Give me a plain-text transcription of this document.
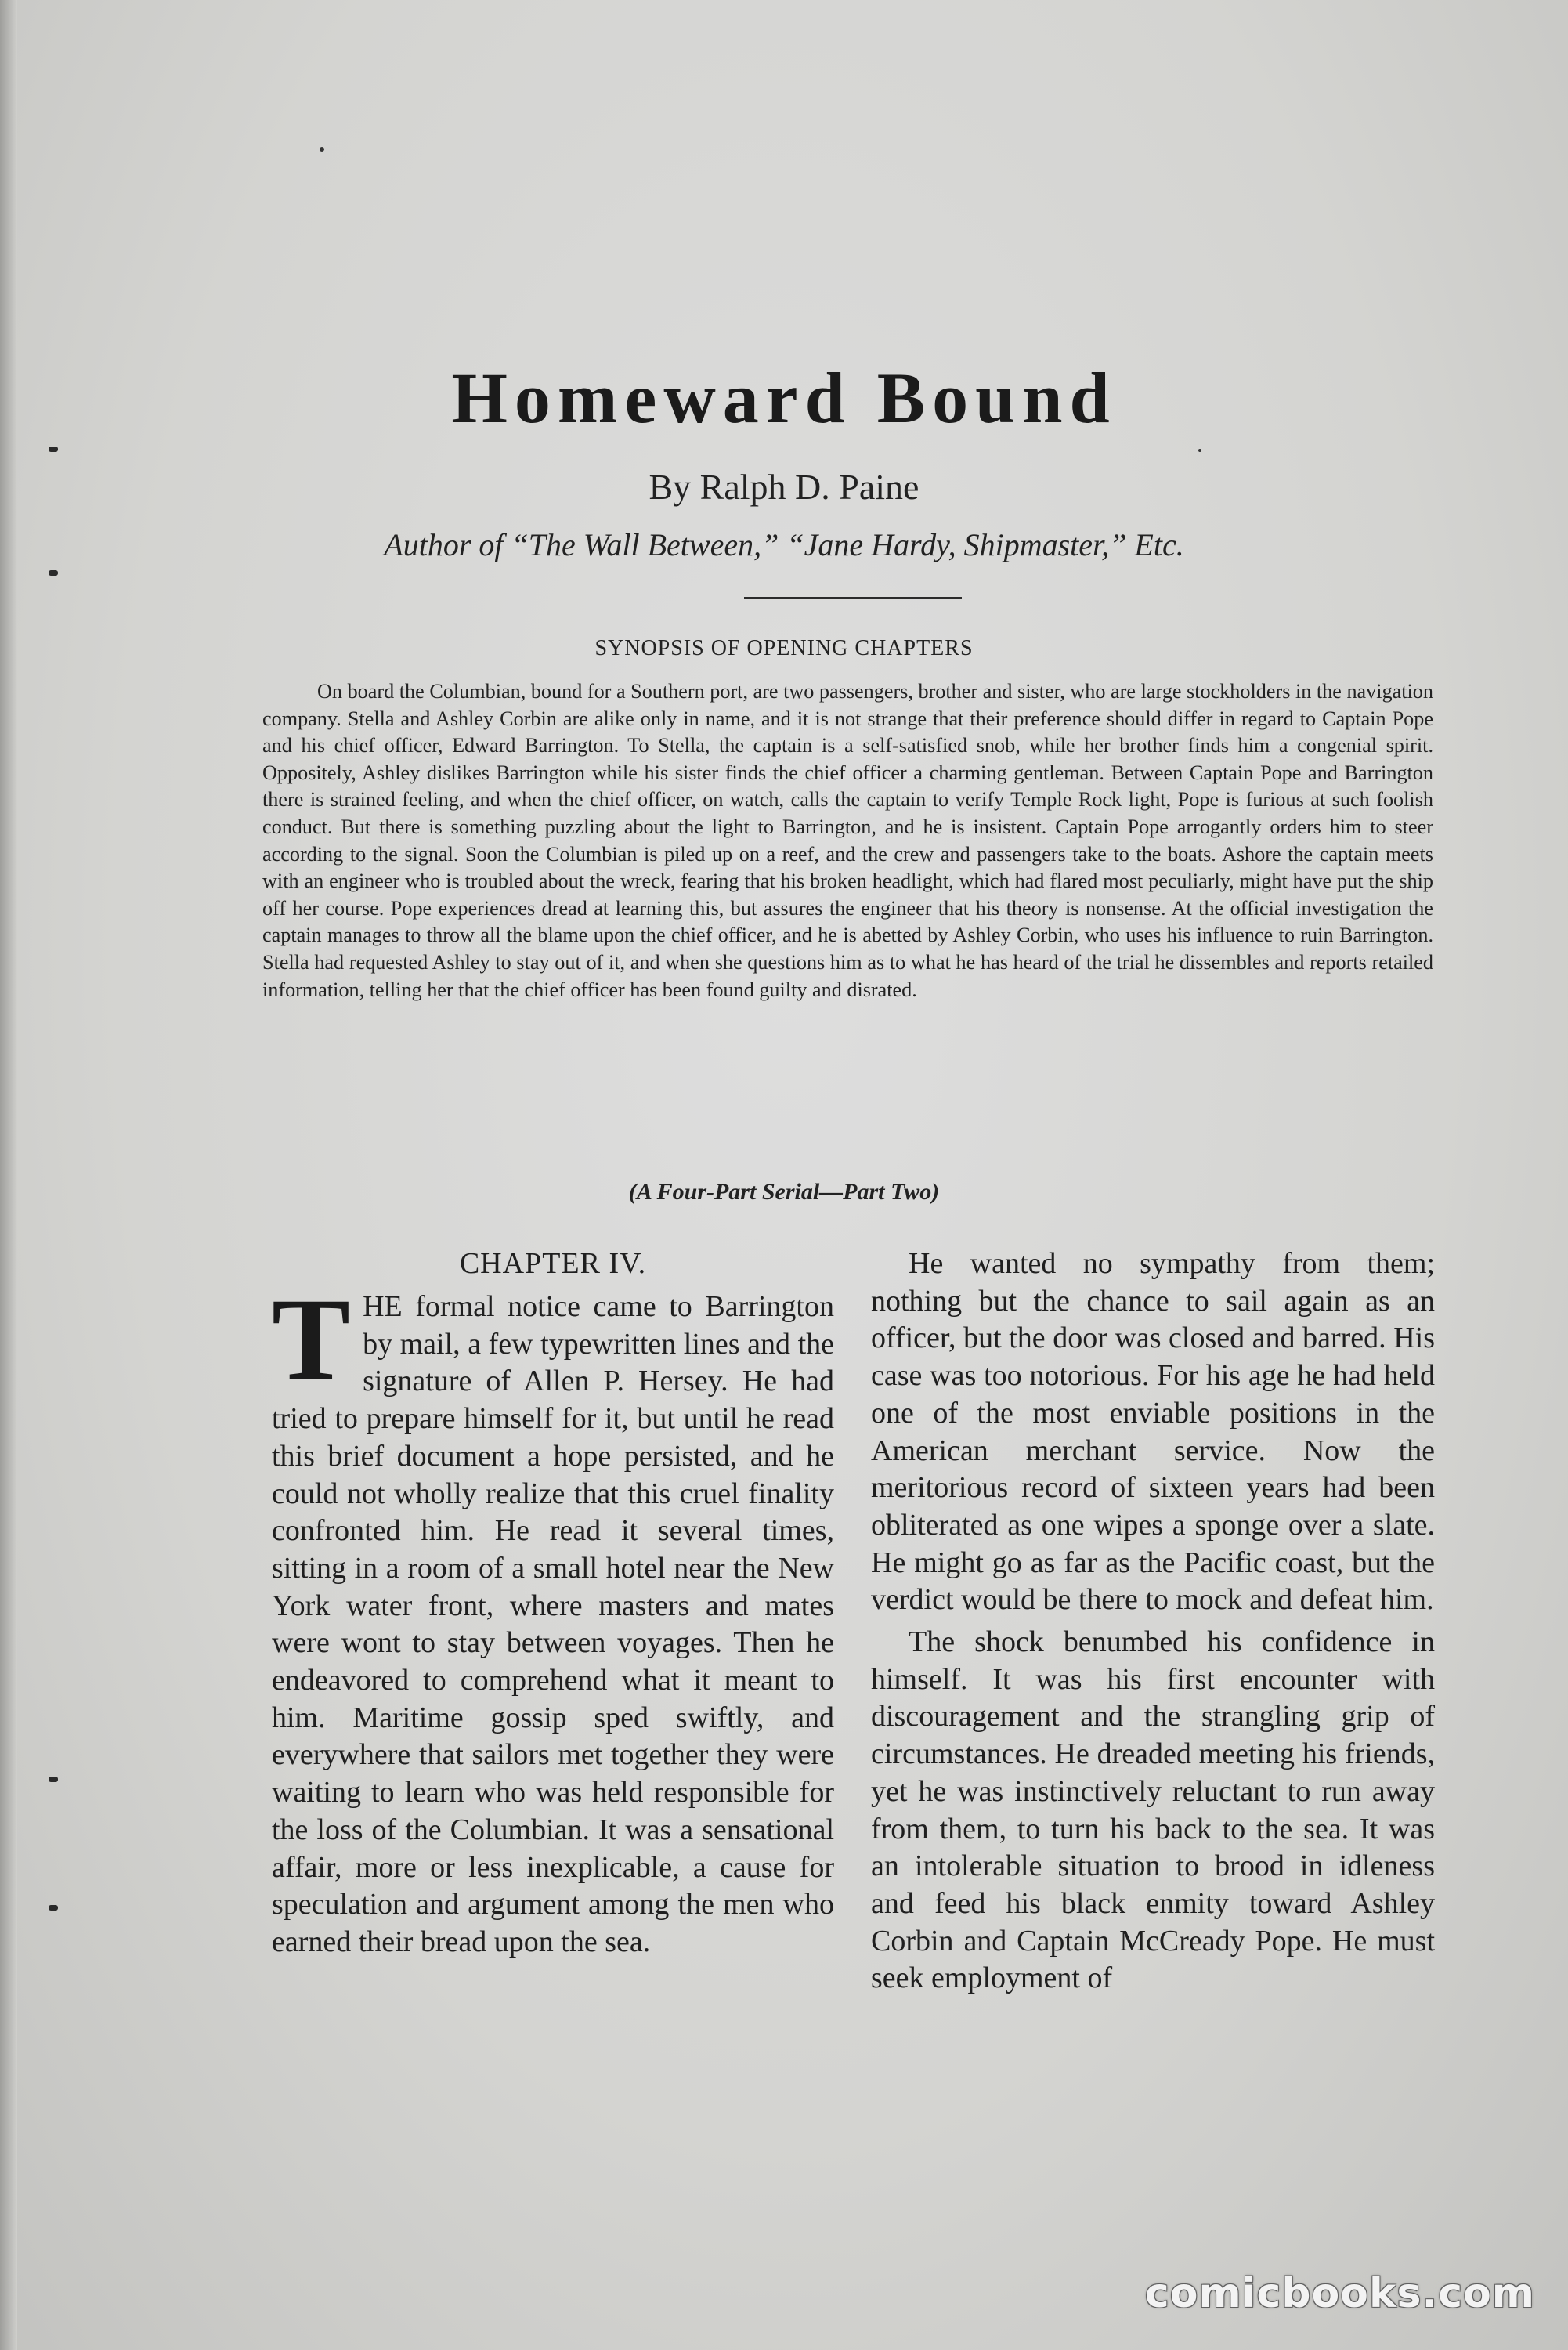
Homeward Bound
By Ralph D. Paine
Author of “The Wall Between,” “Jane Hardy, Shipmaster,” Etc.
SYNOPSIS OF OPENING CHAPTERS
On board the Columbian, bound for a Southern port, are two passengers, brother and sister, who are large stockholders in the navigation company. Stella and Ashley Corbin are alike only in name, and it is not strange that their preference should differ in regard to Captain Pope and his chief officer, Edward Barrington. To Stella, the captain is a self-satisfied snob, while her brother finds him a congenial spirit. Oppositely, Ashley dislikes Barrington while his sister finds the chief officer a charming gentleman. Between Captain Pope and Barrington there is strained feeling, and when the chief officer, on watch, calls the captain to verify Temple Rock light, Pope is furious at such foolish conduct. But there is something puzzling about the light to Barrington, and he is insistent. Captain Pope arrogantly orders him to steer according to the signal. Soon the Columbian is piled up on a reef, and the crew and passengers take to the boats. Ashore the captain meets with an engineer who is troubled about the wreck, fearing that his broken headlight, which had flared most peculiarly, might have put the ship off her course. Pope experiences dread at learning this, but assures the engineer that his theory is nonsense. At the official investigation the captain manages to throw all the blame upon the chief officer, and he is abetted by Ashley Corbin, who uses his influence to ruin Barrington. Stella had requested Ashley to stay out of it, and when she questions him as to what he has heard of the trial he dissembles and reports retailed information, telling her that the chief officer has been found guilty and disrated.
(A Four-Part Serial—Part Two)
CHAPTER IV.
T HE formal notice came to Barrington by mail, a few typewritten lines and the signature of Allen P. Hersey. He had tried to prepare himself for it, but until he read this brief document a hope persisted, and he could not wholly realize that this cruel finality confronted him. He read it several times, sitting in a room of a small hotel near the New York water front, where masters and mates were wont to stay between voyages. Then he endeavored to comprehend what it meant to him. Maritime gossip sped swiftly, and everywhere that sailors met together they were waiting to learn who was held responsible for the loss of the Columbian. It was a sensational affair, more or less inexplicable, a cause for speculation and argument among the men who earned their bread upon the sea.

He wanted no sympathy from them; nothing but the chance to sail again as an officer, but the door was closed and barred. His case was too notorious. For his age he had held one of the most enviable positions in the American merchant service. Now the meritorious record of sixteen years had been obliterated as one wipes a sponge over a slate. He might go as far as the Pacific coast, but the verdict would be there to mock and defeat him.

The shock benumbed his confidence in himself. It was his first encounter with discouragement and the strangling grip of circumstances. He dreaded meeting his friends, yet he was instinctively reluctant to run away from them, to turn his back to the sea. It was an intolerable situation to brood in idleness and feed his black enmity toward Ashley Corbin and Captain McCready Pope. He must seek employment of

comicbooks.com
